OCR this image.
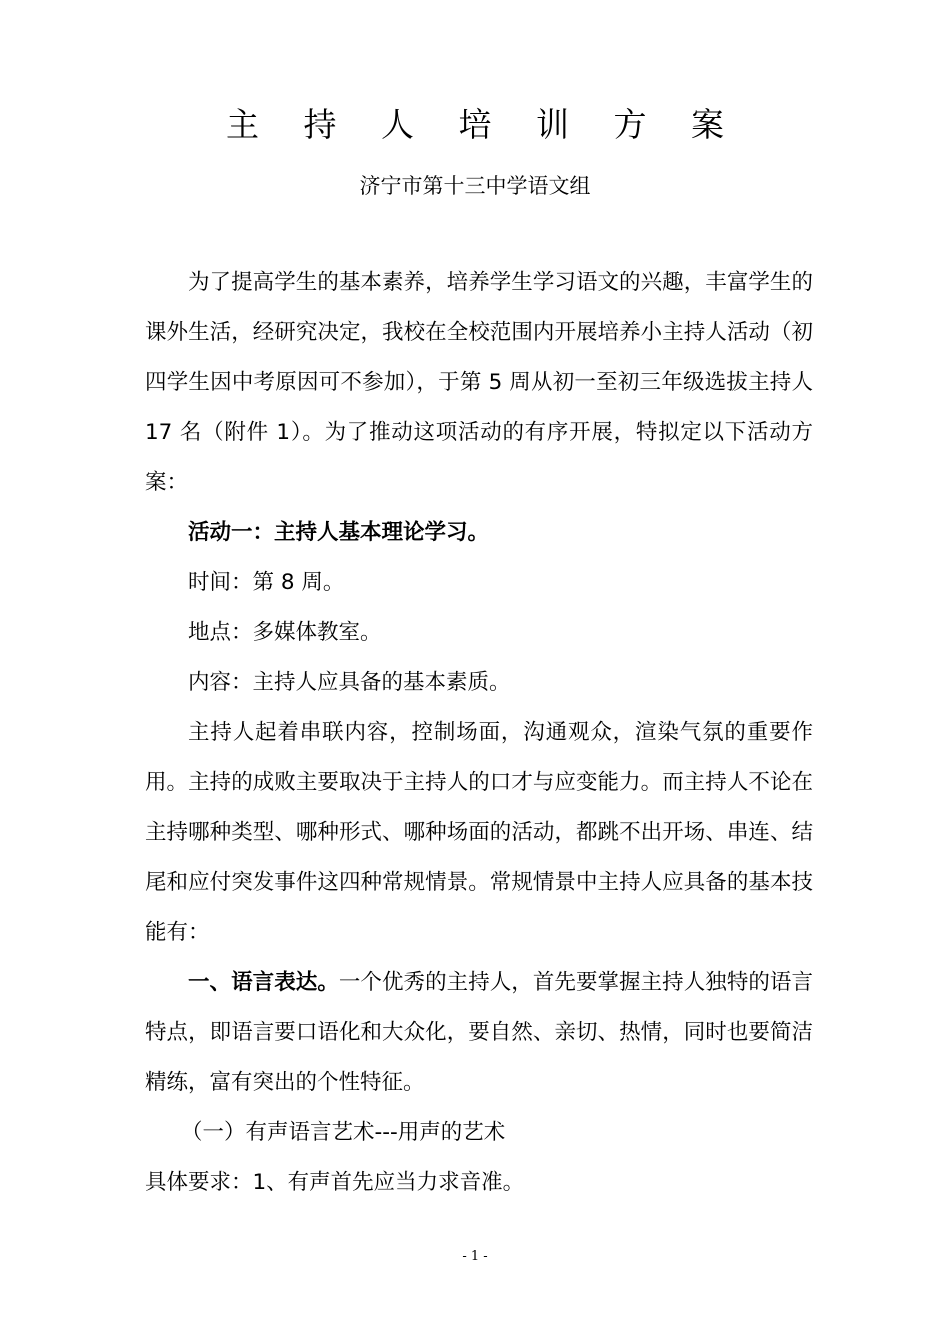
主 持 人 培 训 方 案
济宁市第十三中学语文组

为了提高学生的基本素养，培养学生学习语文的兴趣，丰富学生的课外生活，经研究决定，我校在全校范围内开展培养小主持人活动（初四学生因中考原因可不参加），于第 5 周从初一至初三年级选拔主持人 17 名（附件 1）。为了推动这项活动的有序开展，特拟定以下活动方案：

活动一：主持人基本理论学习。

时间：第 8 周。

地点：多媒体教室。

内容：主持人应具备的基本素质。

主持人起着串联内容，控制场面，沟通观众，渲染气氛的重要作用。主持的成败主要取决于主持人的口才与应变能力。而主持人不论在主持哪种类型、哪种形式、哪种场面的活动，都跳不出开场、串连、结尾和应付突发事件这四种常规情景。常规情景中主持人应具备的基本技能有：

一、语言表达。一个优秀的主持人，首先要掌握主持人独特的语言特点，即语言要口语化和大众化，要自然、亲切、热情，同时也要简洁精练，富有突出的个性特征。

（一）有声语言艺术---用声的艺术

具体要求：1、有声首先应当力求音准。

- 1 -
